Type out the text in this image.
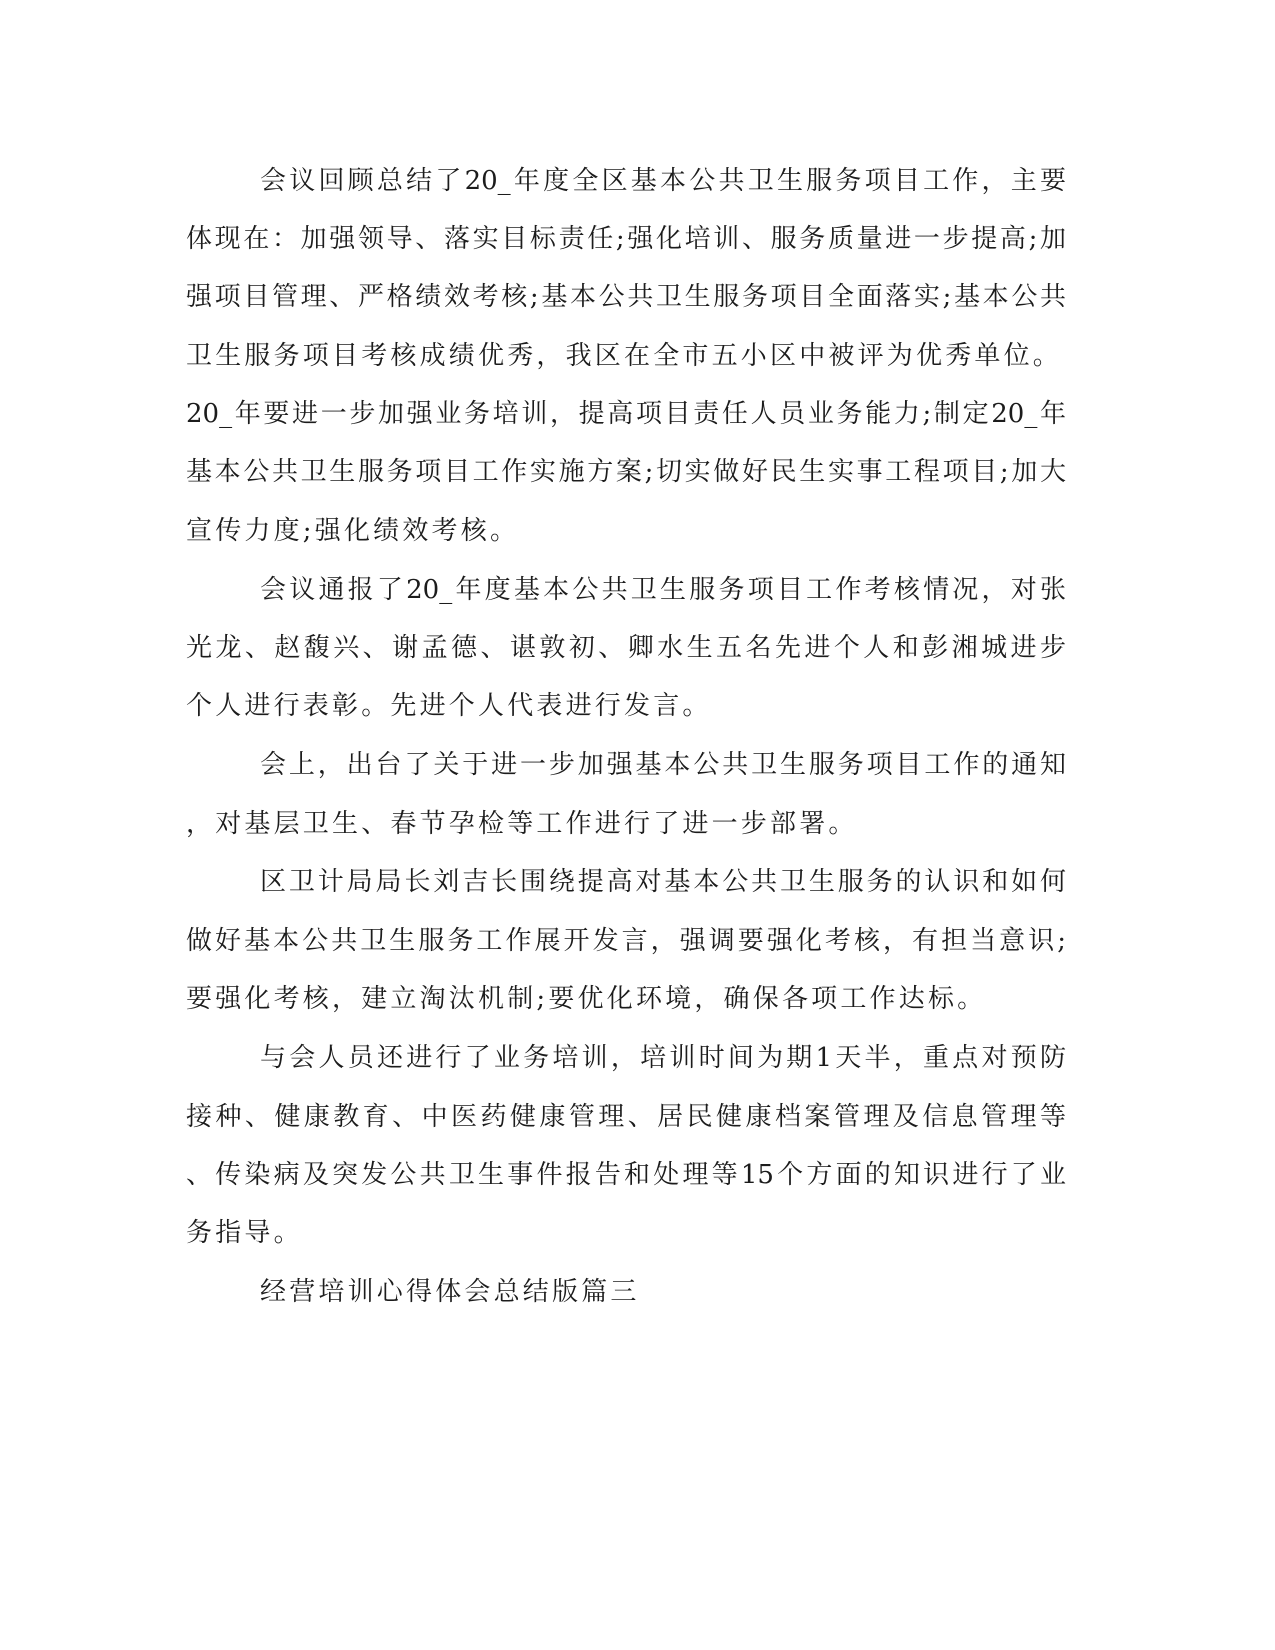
会议回顾总结了20_年度全区基本公共卫生服务项目工作，主要
体现在：加强领导、落实目标责任;强化培训、服务质量进一步提高;加
强项目管理、严格绩效考核;基本公共卫生服务项目全面落实;基本公共
卫生服务项目考核成绩优秀，我区在全市五小区中被评为优秀单位。
20_年要进一步加强业务培训，提高项目责任人员业务能力;制定20_年
基本公共卫生服务项目工作实施方案;切实做好民生实事工程项目;加大
宣传力度;强化绩效考核。
会议通报了20_年度基本公共卫生服务项目工作考核情况，对张
光龙、赵馥兴、谢孟德、谌敦初、卿水生五名先进个人和彭湘城进步
个人进行表彰。先进个人代表进行发言。
会上，出台了关于进一步加强基本公共卫生服务项目工作的通知
，对基层卫生、春节孕检等工作进行了进一步部署。
区卫计局局长刘吉长围绕提高对基本公共卫生服务的认识和如何
做好基本公共卫生服务工作展开发言，强调要强化考核，有担当意识;
要强化考核，建立淘汰机制;要优化环境，确保各项工作达标。
与会人员还进行了业务培训，培训时间为期1天半，重点对预防
接种、健康教育、中医药健康管理、居民健康档案管理及信息管理等
、传染病及突发公共卫生事件报告和处理等15个方面的知识进行了业
务指导。
经营培训心得体会总结版篇三
